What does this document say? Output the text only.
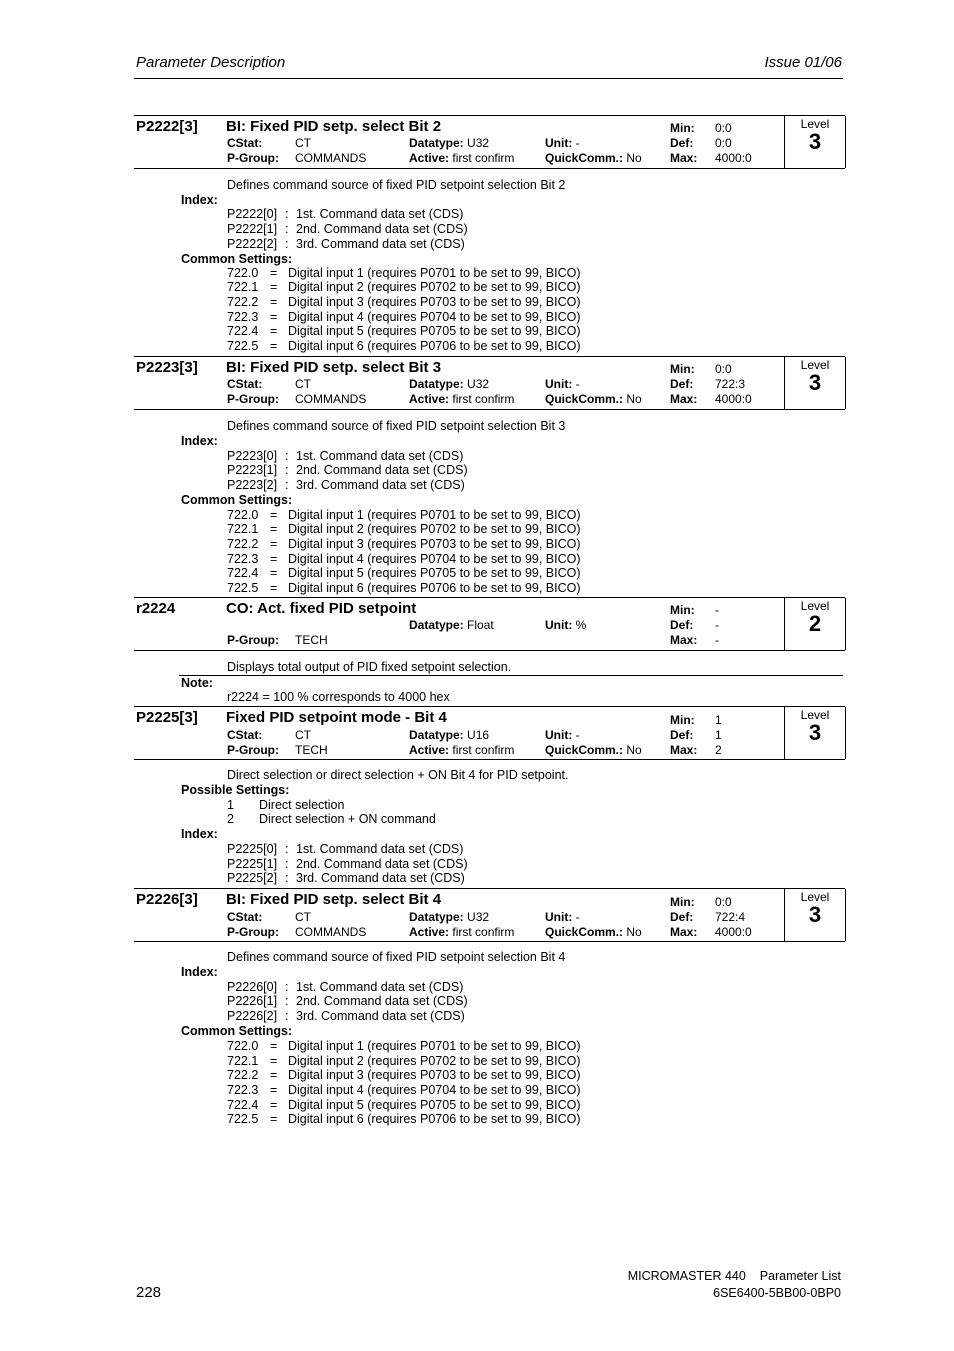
Parameter Description	Issue 01/06
P2222[3] BI: Fixed PID setp. select Bit 2
CStat:	CT
P-Group: COMMANDS
Datatype: U32
Active: first confirm
Unit: -
QuickComm.: No
Min: 0:0
Def: 0:0
Max: 4000:0
Level
3
Defines command source of fixed PID setpoint selection Bit 2
Index:
P2222[0] : 1st. Command data set (CDS)
P2222[1] : 2nd. Command data set (CDS)
P2222[2] : 3rd. Command data set (CDS)
Common Settings:
722.0 = Digital input 1 (requires P0701 to be set to 99, BICO)
722.1 = Digital input 2 (requires P0702 to be set to 99, BICO)
722.2 = Digital input 3 (requires P0703 to be set to 99, BICO)
722.3 = Digital input 4 (requires P0704 to be set to 99, BICO)
722.4 = Digital input 5 (requires P0705 to be set to 99, BICO)
722.5 = Digital input 6 (requires P0706 to be set to 99, BICO)
P2223[3] BI: Fixed PID setp. select Bit 3
CStat:	CT
P-Group: COMMANDS
Datatype: U32
Active: first confirm
Unit: -
QuickComm.: No
Min: 0:0
Def: 722:3
Max: 4000:0
Level
3
Defines command source of fixed PID setpoint selection Bit 3
Index:
P2223[0] : 1st. Command data set (CDS)
P2223[1] : 2nd. Command data set (CDS)
P2223[2] : 3rd. Command data set (CDS)
Common Settings:
722.0 = Digital input 1 (requires P0701 to be set to 99, BICO)
722.1 = Digital input 2 (requires P0702 to be set to 99, BICO)
722.2 = Digital input 3 (requires P0703 to be set to 99, BICO)
722.3 = Digital input 4 (requires P0704 to be set to 99, BICO)
722.4 = Digital input 5 (requires P0705 to be set to 99, BICO)
722.5 = Digital input 6 (requires P0706 to be set to 99, BICO)
r2224	CO: Act. fixed PID setpoint
P-Group: TECH
Datatype: Float	Unit: %
Min: -
Def: -
Max: -
Level
2
Displays total output of PID fixed setpoint selection.
Note:
r2224 = 100 % corresponds to 4000 hex
P2225[3] Fixed PID setpoint mode - Bit 4
CStat:	CT
P-Group: TECH
Datatype: U16
Active: first confirm
Unit: -
QuickComm.: No
Min: 1
Def: 1
Max: 2
Level
3
Direct selection or direct selection + ON Bit 4 for PID setpoint.
Possible Settings:
1 Direct selection
2 Direct selection + ON command
Index:
P2225[0] : 1st. Command data set (CDS)
P2225[1] : 2nd. Command data set (CDS)
P2225[2] : 3rd. Command data set (CDS)
P2226[3] BI: Fixed PID setp. select Bit 4
CStat:	CT
P-Group: COMMANDS
Datatype: U32
Active: first confirm
Unit: -
QuickComm.: No
Min: 0:0
Def: 722:4
Max: 4000:0
Level
3
Defines command source of fixed PID setpoint selection Bit 4
Index:
P2226[0] : 1st. Command data set (CDS)
P2226[1] : 2nd. Command data set (CDS)
P2226[2] : 3rd. Command data set (CDS)
Common Settings:
722.0 = Digital input 1 (requires P0701 to be set to 99, BICO)
722.1 = Digital input 2 (requires P0702 to be set to 99, BICO)
722.2 = Digital input 3 (requires P0703 to be set to 99, BICO)
722.3 = Digital input 4 (requires P0704 to be set to 99, BICO)
722.4 = Digital input 5 (requires P0705 to be set to 99, BICO)
722.5 = Digital input 6 (requires P0706 to be set to 99, BICO)
228
MICROMASTER 440    Parameter List
6SE6400-5BB00-0BP0
